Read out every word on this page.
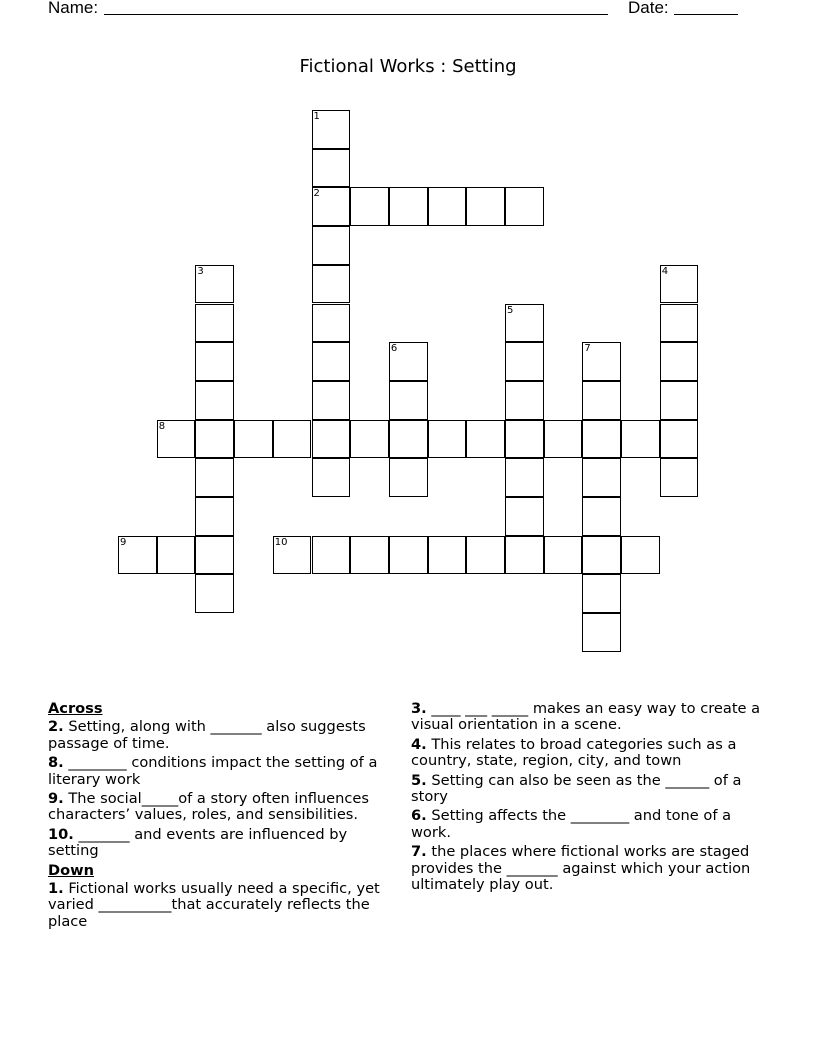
Name:	Date:
Fictional Works : Setting
1
2
3	4
5
6	7
8
9	10
Across
2. Setting, along with _______ also suggests passage of time.
8. ________ conditions impact the setting of a literary work
9. The social_____of a story often influences characters’ values, roles, and sensibilities.
10. _______ and events are influenced by setting
Down
1. Fictional works usually need a specific, yet varied __________that accurately reflects the place
3. ____ ___ _____ makes an easy way to create a visual orientation in a scene.
4. This relates to broad categories such as a country, state, region, city, and town
5. Setting can also be seen as the ______ of a story
6. Setting affects the ________ and tone of a work.
7. the places where fictional works are staged provides the _______ against which your action ultimately play out.
